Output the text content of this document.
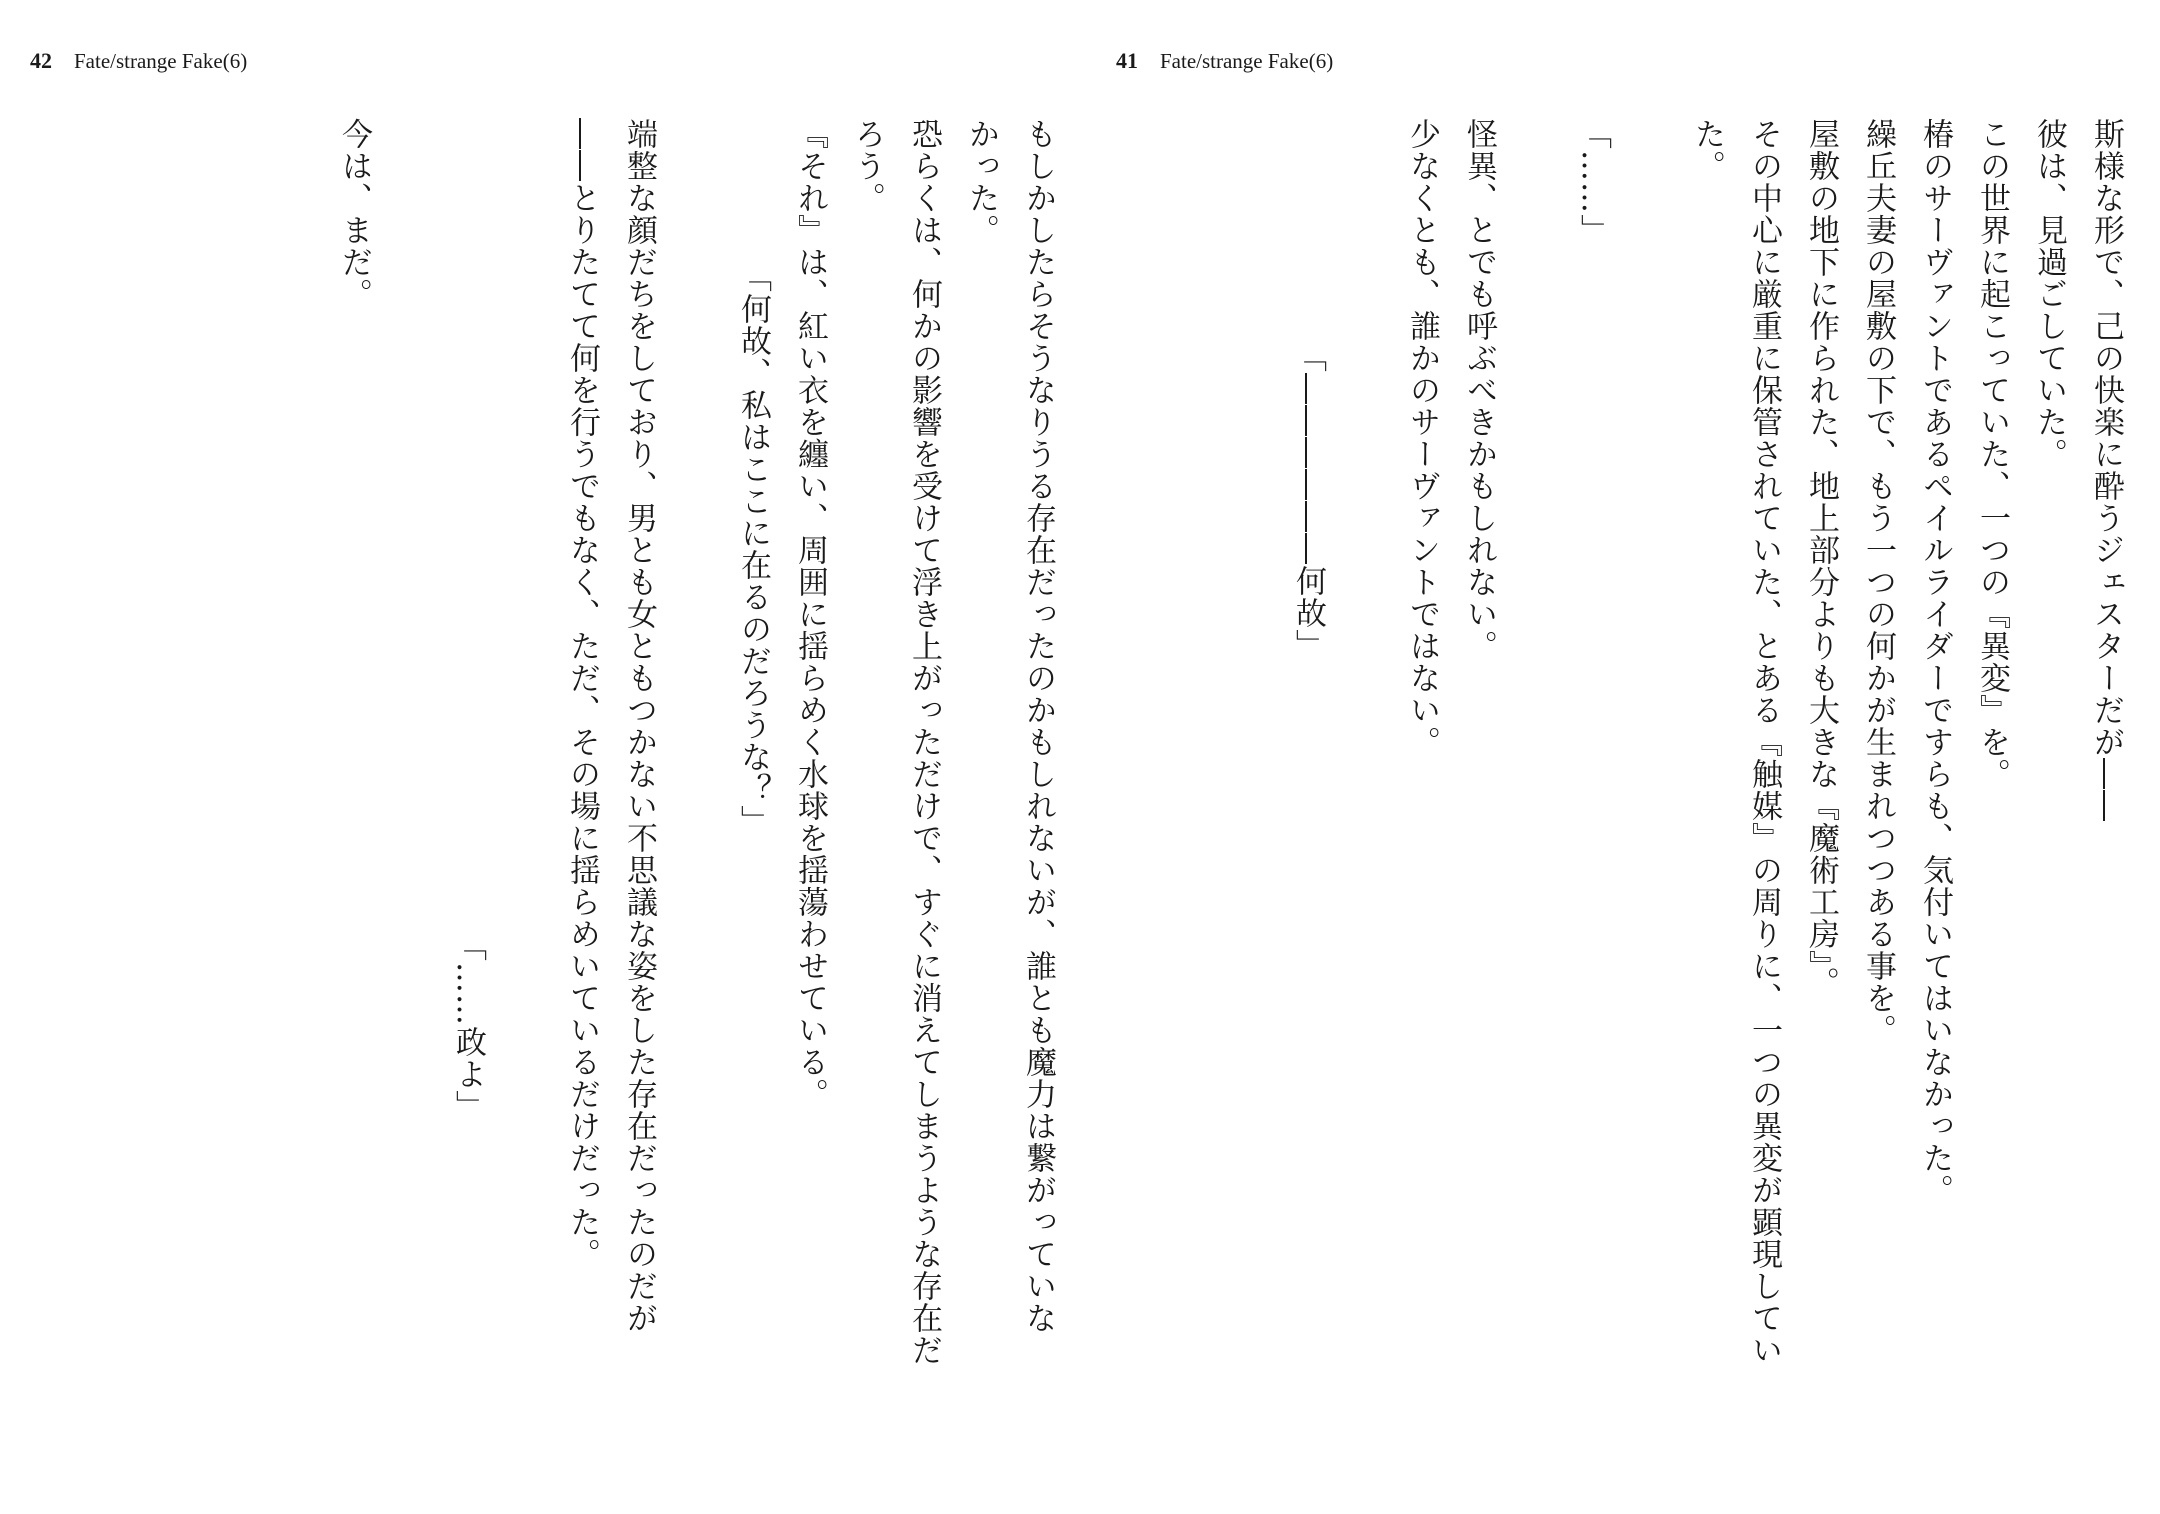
42 Fate/strange Fake(6)
もしかしたらそうなりうる存在だったのかもしれないが、誰とも魔力は繋がっていな
かった。
恐らくは、何かの影響を受けて浮き上がっただけで、すぐに消えてしまうような存在だ
ろう。
『それ』は、紅い衣を纏い、周囲に揺らめく水球を揺蕩わせている。
「何故、私はここに在るのだろうな？」
端整な顔だちをしており、男とも女ともつかない不思議な姿をした存在だったのだが
――とりたてて何を行うでもなく、ただ、その場に揺らめいているだけだった。
「……政よ」
今は、まだ。
41 Fate/strange Fake(6)
斯様な形で、己の快楽に酔うジェスターだが――
彼は、見過ごしていた。
この世界に起こっていた、一つの『異変』を。
椿のサーヴァントであるペイルライダーですらも、気付いてはいなかった。
繰丘夫妻の屋敷の下で、もう一つの何かが生まれつつある事を。
屋敷の地下に作られた、地上部分よりも大きな『魔術工房』。
その中心に厳重に保管されていた、とある『触媒』の周りに、一つの異変が顕現してい
た。
「……」
怪異、とでも呼ぶべきかもしれない。
少なくとも、誰かのサーヴァントではない。
「――――――何故」
